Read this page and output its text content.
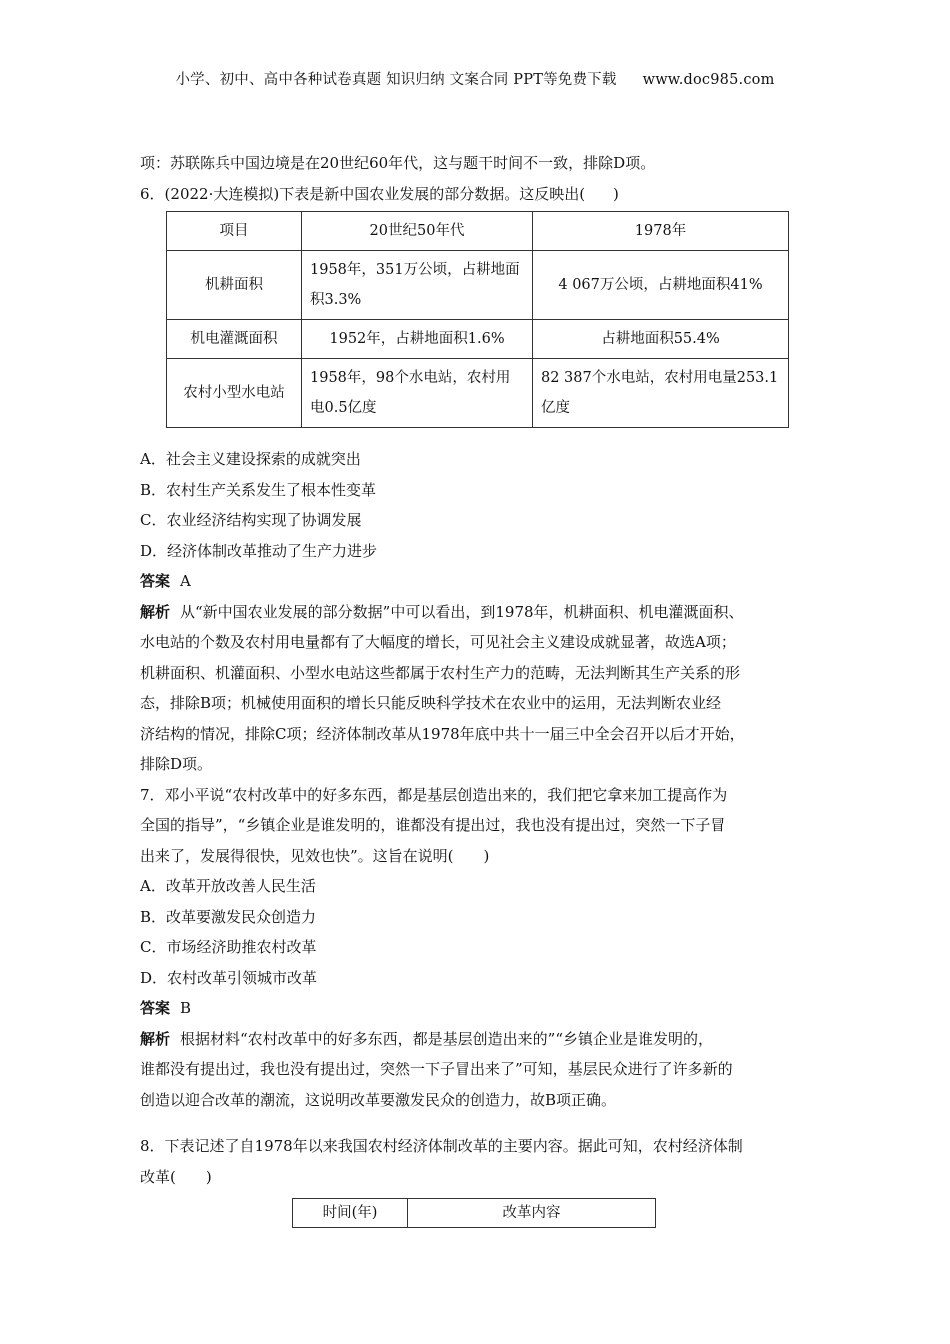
小学、初中、高中各种试卷真题 知识归纳 文案合同 PPT等免费下载 www.doc985.com

项：苏联陈兵中国边境是在20世纪60年代，这与题干时间不一致，排除D项。

6．(2022·大连模拟)下表是新中国农业发展的部分数据。这反映出( )

项目	20世纪50年代	1978年
机耕面积	1958年，351万公顷，占耕地面积3.3%	4 067万公顷，占耕地面积41%
机电灌溉面积	1952年，占耕地面积1.6%	占耕地面积55.4%
农村小型水电站	1958年，98个水电站，农村用电0.5亿度	82 387个水电站，农村用电量253.1亿度

A．社会主义建设探索的成就突出

B．农村生产关系发生了根本性变革

C．农业经济结构实现了协调发展

D．经济体制改革推动了生产力进步

答案 A

解析 从“新中国农业发展的部分数据”中可以看出，到1978年，机耕面积、机电灌溉面积、

水电站的个数及农村用电量都有了大幅度的增长，可见社会主义建设成就显著，故选A项；

机耕面积、机灌面积、小型水电站这些都属于农村生产力的范畴，无法判断其生产关系的形

态，排除B项；机械使用面积的增长只能反映科学技术在农业中的运用，无法判断农业经

济结构的情况，排除C项；经济体制改革从1978年底中共十一届三中全会召开以后才开始，

排除D项。

7．邓小平说“农村改革中的好多东西，都是基层创造出来的，我们把它拿来加工提高作为

全国的指导”，“乡镇企业是谁发明的，谁都没有提出过，我也没有提出过，突然一下子冒

出来了，发展得很快，见效也快”。这旨在说明(　　)

A．改革开放改善人民生活

B．改革要激发民众创造力

C．市场经济助推农村改革

D．农村改革引领城市改革

答案 B

解析 根据材料“农村改革中的好多东西，都是基层创造出来的”“乡镇企业是谁发明的，

谁都没有提出过，我也没有提出过，突然一下子冒出来了”可知，基层民众进行了许多新的

创造以迎合改革的潮流，这说明改革要激发民众的创造力，故B项正确。

8．下表记述了自1978年以来我国农村经济体制改革的主要内容。据此可知，农村经济体制

改革(　　)

时间(年)	改革内容
